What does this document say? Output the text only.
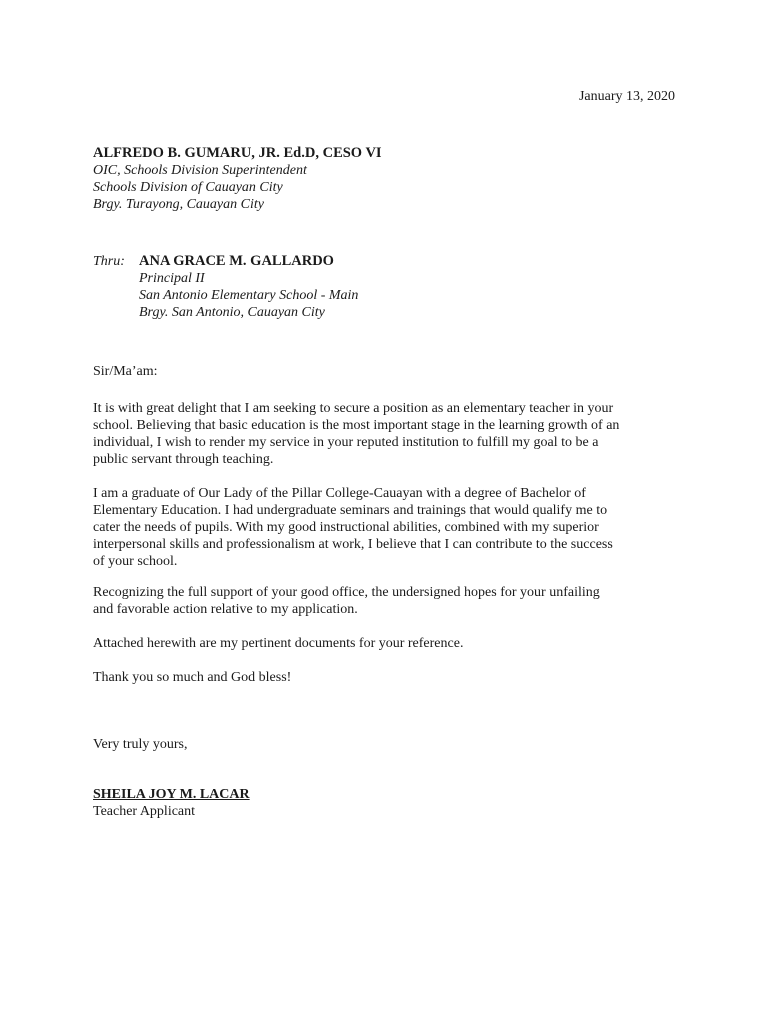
January 13, 2020

ALFREDO B. GUMARU, JR. Ed.D, CESO VI
OIC, Schools Division Superintendent
Schools Division of Cauayan City
Brgy. Turayong, Cauayan City
Thru: ANA GRACE M. GALLARDO
Principal II
San Antonio Elementary School - Main
Brgy. San Antonio, Cauayan City

Sir/Ma’am:

It is with great delight that I am seeking to secure a position as an elementary teacher in your
school. Believing that basic education is the most important stage in the learning growth of an
individual, I wish to render my service in your reputed institution to fulfill my goal to be a
public servant through teaching.
I am a graduate of Our Lady of the Pillar College-Cauayan with a degree of Bachelor of
Elementary Education. I had undergraduate seminars and trainings that would qualify me to
cater the needs of pupils. With my good instructional abilities, combined with my superior
interpersonal skills and professionalism at work, I believe that I can contribute to the success
of your school.
Recognizing the full support of your good office, the undersigned hopes for your unfailing
and favorable action relative to my application.
Attached herewith are my pertinent documents for your reference.
Thank you so much and God bless!

Very truly yours,

SHEILA JOY M. LACAR
Teacher Applicant
